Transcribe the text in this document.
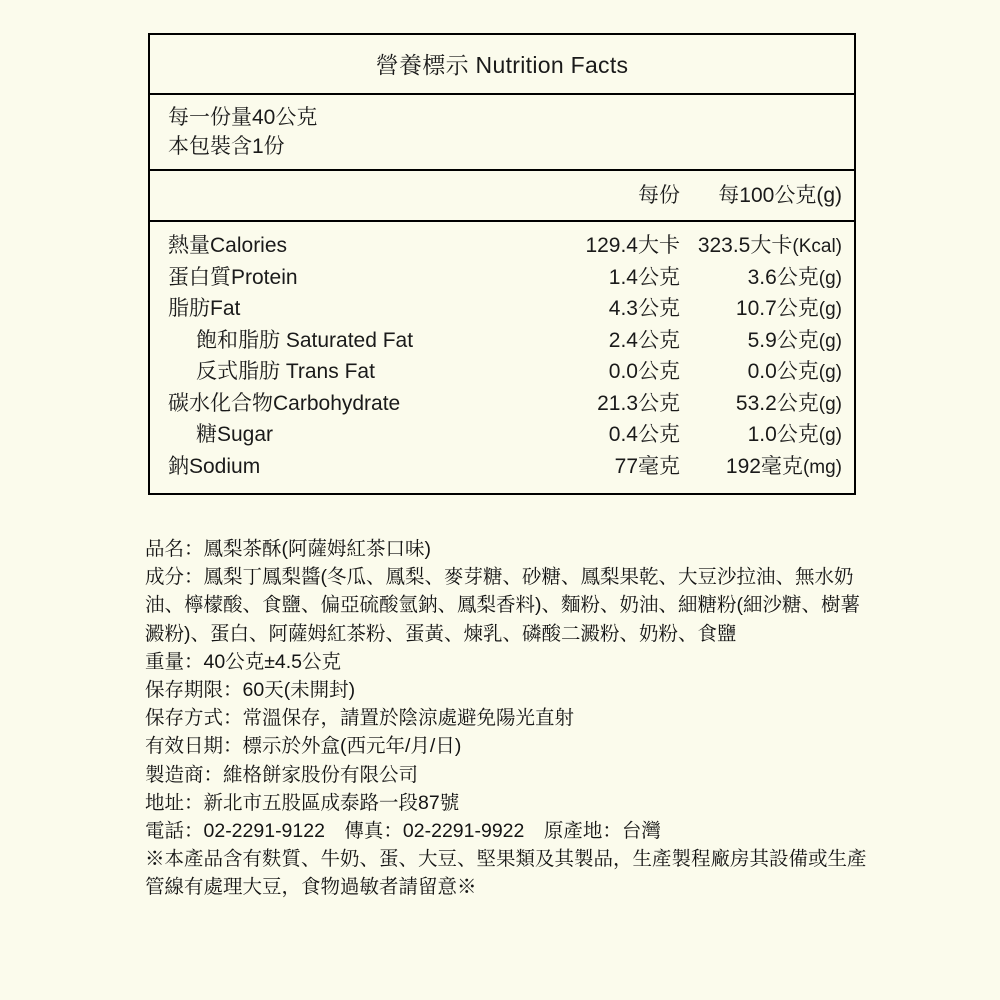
營養標示 Nutrition Facts
每一份量40公克
本包裝含1份
每份	每100公克(g)
熱量Calories	129.4大卡 323.5大卡(Kcal)
蛋白質Protein	1.4公克	3.6公克(g)
脂肪Fat	4.3公克	10.7公克(g)
飽和脂肪 Saturated Fat	2.4公克	5.9公克(g)
反式脂肪 Trans Fat	0.0公克	0.0公克(g)
碳水化合物Carbohydrate	21.3公克	53.2公克(g)
糖Sugar	0.4公克	1.0公克(g)
鈉Sodium	77毫克	192毫克(mg)

品名：鳳梨茶酥(阿薩姆紅茶口味)

成分：鳳梨丁鳳梨醬(冬瓜、鳳梨、麥芽糖、砂糖、鳳梨果乾、大豆沙拉油、無水奶油、檸檬酸、食鹽、偏亞硫酸氫鈉、鳳梨香料)、麵粉、奶油、細糖粉(細沙糖、樹薯澱粉)、蛋白、阿薩姆紅茶粉、蛋黃、煉乳、磷酸二澱粉、奶粉、食鹽

重量：40公克±4.5公克

保存期限：60天(未開封)

保存方式：常溫保存，請置於陰涼處避免陽光直射

有效日期：標示於外盒(西元年/月/日)

製造商：維格餅家股份有限公司

地址：新北市五股區成泰路一段87號

電話：02-2291-9122　傳真：02-2291-9922　原產地：台灣

※本產品含有麩質、牛奶、蛋、大豆、堅果類及其製品，生產製程廠房其設備或生產管線有處理大豆，食物過敏者請留意※
